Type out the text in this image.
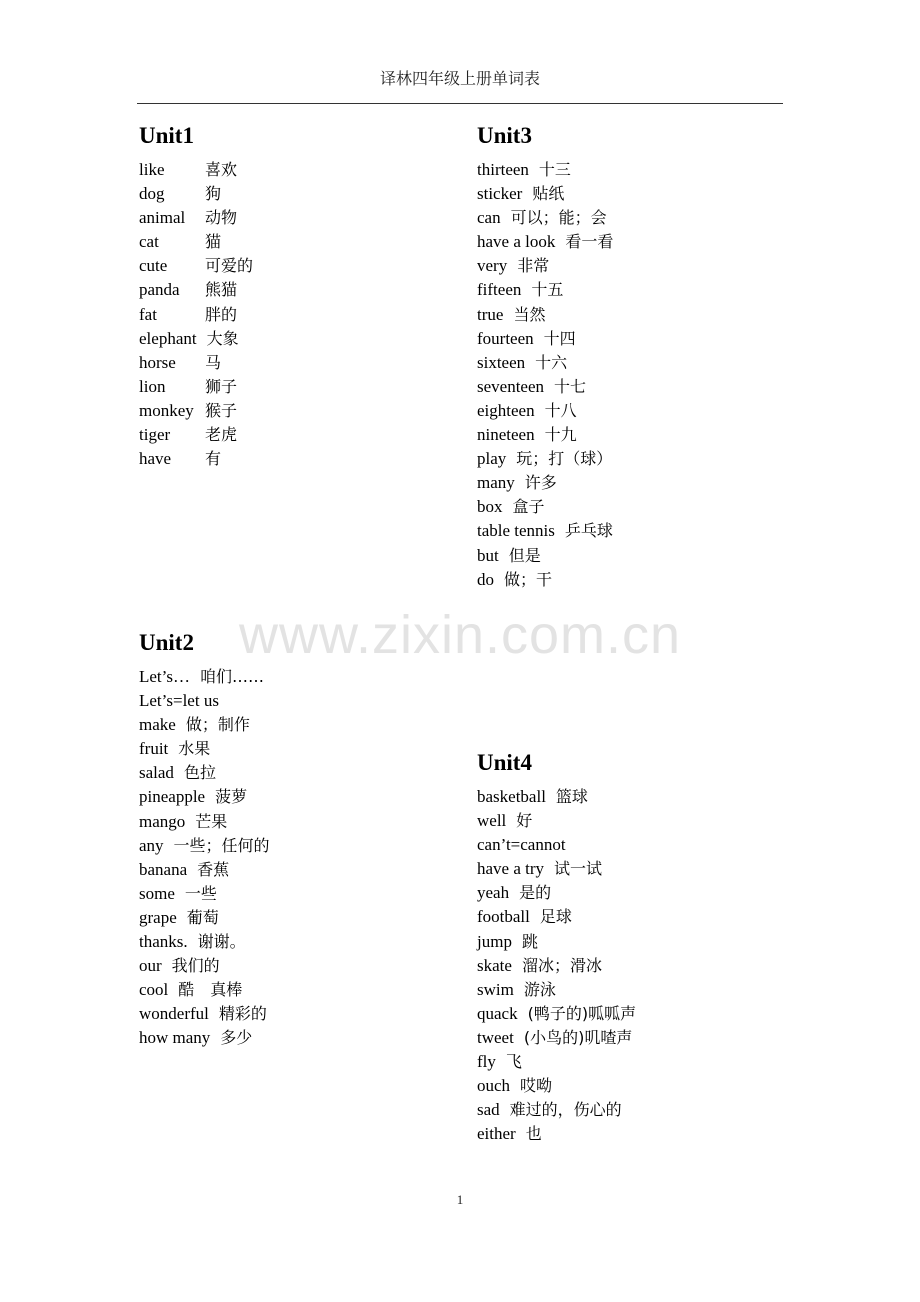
译林四年级上册单词表
www.zixin.com.cn
Unit1
like	喜欢
dog	狗
animal 动物
cat	猫
cute 可爱的
panda 熊猫
fat	胖的
elephant 大象
horse 马
lion 狮子
monkey 猴子
tiger 老虎
have 有
Unit2
Let’s… 咱们……
Let’s=let us
make 做；制作
fruit 水果
salad 色拉
pineapple 菠萝
mango 芒果
any 一些；任何的
banana 香蕉
some 一些
grape 葡萄
thanks. 谢谢。
our 我们的
cool 酷　真棒
wonderful 精彩的
how many 多少
Unit3
thirteen 十三
sticker 贴纸
can 可以；能；会
have a look 看一看
very 非常
fifteen 十五
true 当然
fourteen 十四
sixteen 十六
seventeen 十七
eighteen 十八
nineteen 十九
play 玩；打（球）
many 许多
box 盒子
table tennis 乒乓球
but 但是
do 做；干
Unit4
basketball 篮球
well 好
can’t=cannot
have a try 试一试
yeah 是的
football 足球
jump 跳
skate 溜冰；滑冰
swim 游泳
quack (鸭子的)呱呱声
tweet (小鸟的)叽喳声
fly 飞
ouch 哎呦
sad 难过的，伤心的
either 也
1
